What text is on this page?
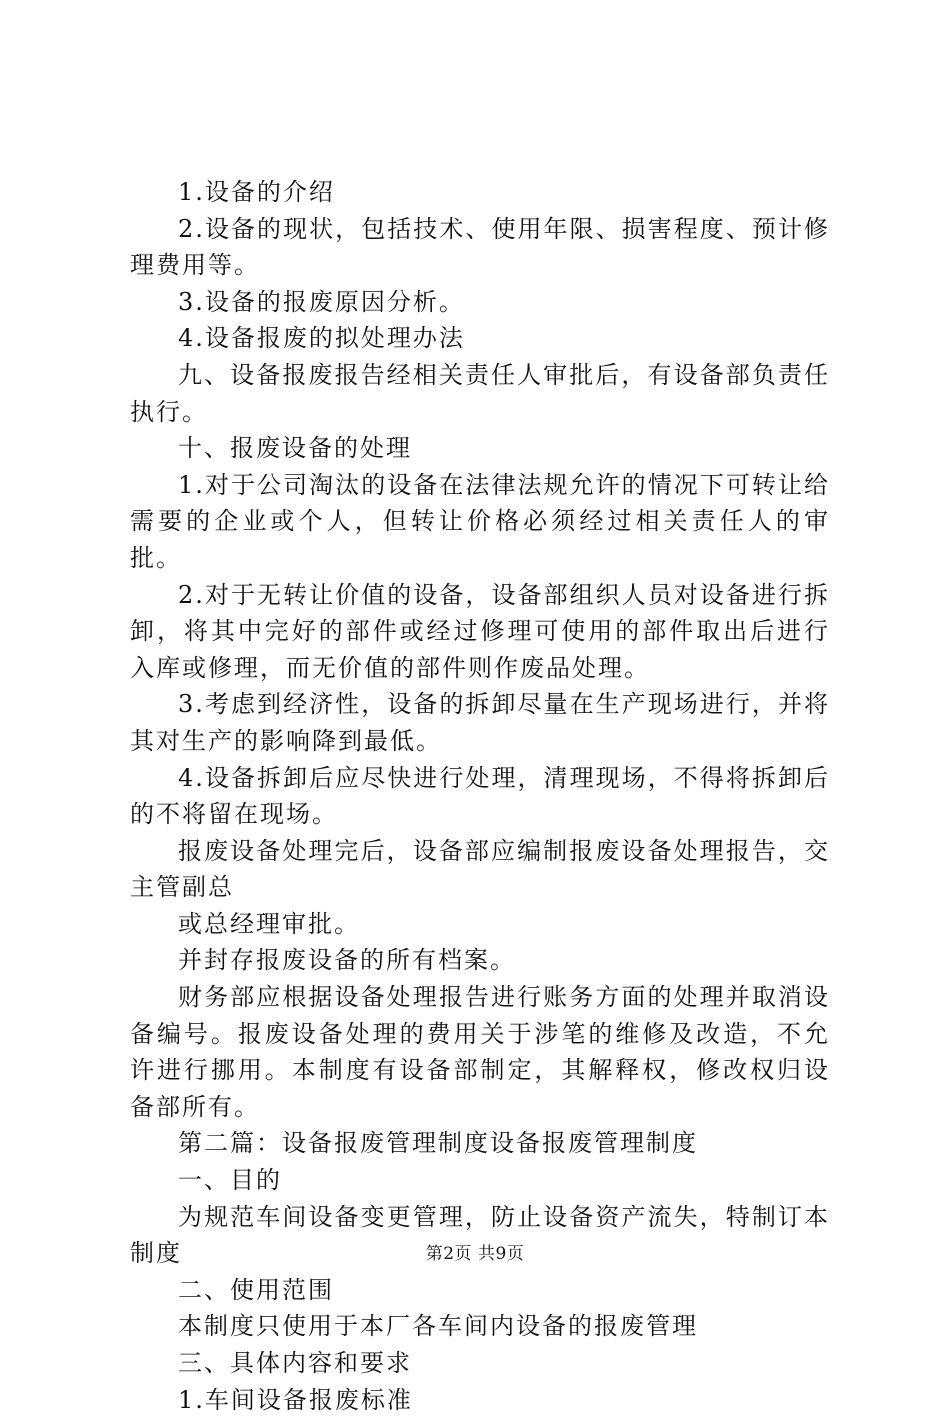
1.设备的介绍

2.设备的现状，包括技术、使用年限、损害程度、预计修理费用等。

3.设备的报废原因分析。

4.设备报废的拟处理办法

九、设备报废报告经相关责任人审批后，有设备部负责任执行。

十、报废设备的处理

1.对于公司淘汰的设备在法律法规允许的情况下可转让给需要的企业或个人，但转让价格必须经过相关责任人的审批。

2.对于无转让价值的设备，设备部组织人员对设备进行拆卸，将其中完好的部件或经过修理可使用的部件取出后进行入库或修理，而无价值的部件则作废品处理。

3.考虑到经济性，设备的拆卸尽量在生产现场进行，并将其对生产的影响降到最低。

4.设备拆卸后应尽快进行处理，清理现场，不得将拆卸后的不将留在现场。

报废设备处理完后，设备部应编制报废设备处理报告，交主管副总

或总经理审批。

并封存报废设备的所有档案。

财务部应根据设备处理报告进行账务方面的处理并取消设备编号。报废设备处理的费用关于涉笔的维修及改造，不允许进行挪用。本制度有设备部制定，其解释权，修改权归设备部所有。

第二篇：设备报废管理制度设备报废管理制度

一、目的

为规范车间设备变更管理，防止设备资产流失，特制订本制度

二、使用范围

本制度只使用于本厂各车间内设备的报废管理

三、具体内容和要求

1.车间设备报废标准

第2页 共9页
